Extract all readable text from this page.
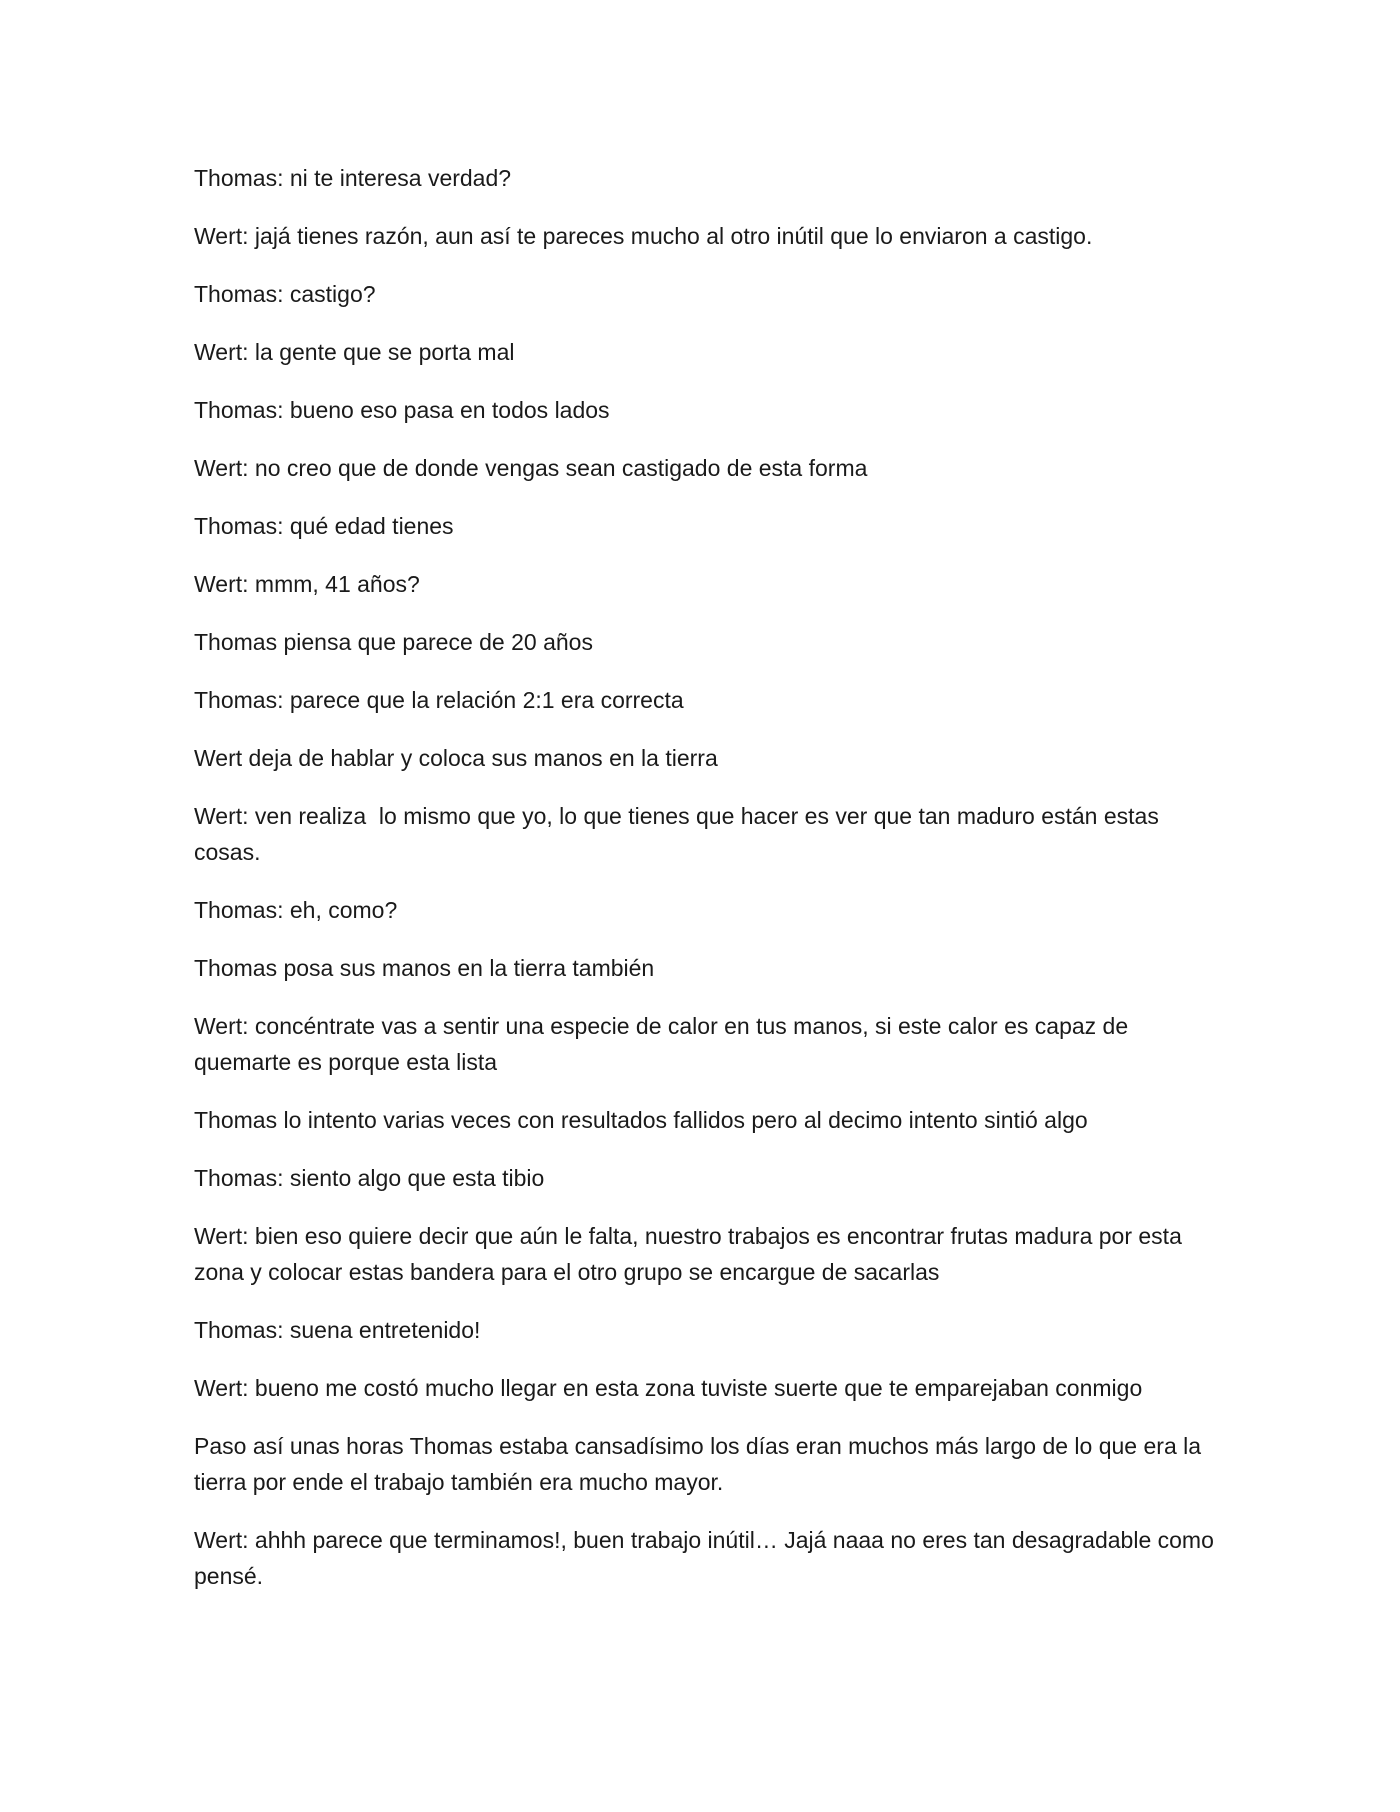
Thomas: ni te interesa verdad?

Wert: jajá tienes razón, aun así te pareces mucho al otro inútil que lo enviaron a castigo.

Thomas: castigo?

Wert: la gente que se porta mal

Thomas: bueno eso pasa en todos lados

Wert: no creo que de donde vengas sean castigado de esta forma

Thomas: qué edad tienes

Wert: mmm, 41 años?

Thomas piensa que parece de 20 años

Thomas: parece que la relación 2:1 era correcta

Wert deja de hablar y coloca sus manos en la tierra

Wert: ven realiza  lo mismo que yo, lo que tienes que hacer es ver que tan maduro están estas cosas.

Thomas: eh, como?

Thomas posa sus manos en la tierra también

Wert: concéntrate vas a sentir una especie de calor en tus manos, si este calor es capaz de quemarte es porque esta lista

Thomas lo intento varias veces con resultados fallidos pero al decimo intento sintió algo

Thomas: siento algo que esta tibio

Wert: bien eso quiere decir que aún le falta, nuestro trabajos es encontrar frutas madura por esta zona y colocar estas bandera para el otro grupo se encargue de sacarlas

Thomas: suena entretenido!

Wert: bueno me costó mucho llegar en esta zona tuviste suerte que te emparejaban conmigo

Paso así unas horas Thomas estaba cansadísimo los días eran muchos más largo de lo que era la tierra por ende el trabajo también era mucho mayor.

Wert: ahhh parece que terminamos!, buen trabajo inútil… Jajá naaa no eres tan desagradable como pensé.
